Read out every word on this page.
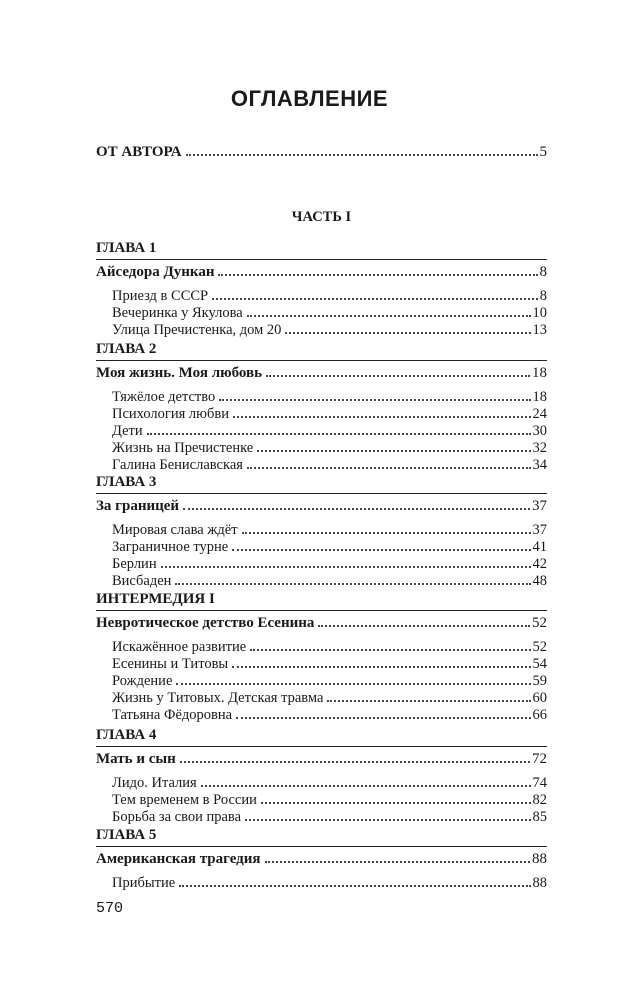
ОГЛАВЛЕНИЕ
ОТ АВТОРА	5
ЧАСТЬ I
ГЛАВА 1
Айседора Дункан	8
Приезд в СССР	8
Вечеринка у Якулова	10
Улица Пречистенка, дом 20	13
ГЛАВА 2
Моя жизнь. Моя любовь	18
Тяжёлое детство	18
Психология любви	24
Дети	30
Жизнь на Пречистенке	32
Галина Бениславская	34
ГЛАВА 3
За границей	37
Мировая слава ждёт	37
Заграничное турне	41
Берлин	42
Висбаден	48
ИНТЕРМЕДИЯ I
Невротическое детство Есенина	52
Искажённое развитие	52
Есенины и Титовы	54
Рождение	59
Жизнь у Титовых. Детская травма	60
Татьяна Фёдоровна	66
ГЛАВА 4
Мать и сын	72
Лидо. Италия	74
Тем временем в России	82
Борьба за свои права	85
ГЛАВА 5
Американская трагедия	88
Прибытие	88
570
